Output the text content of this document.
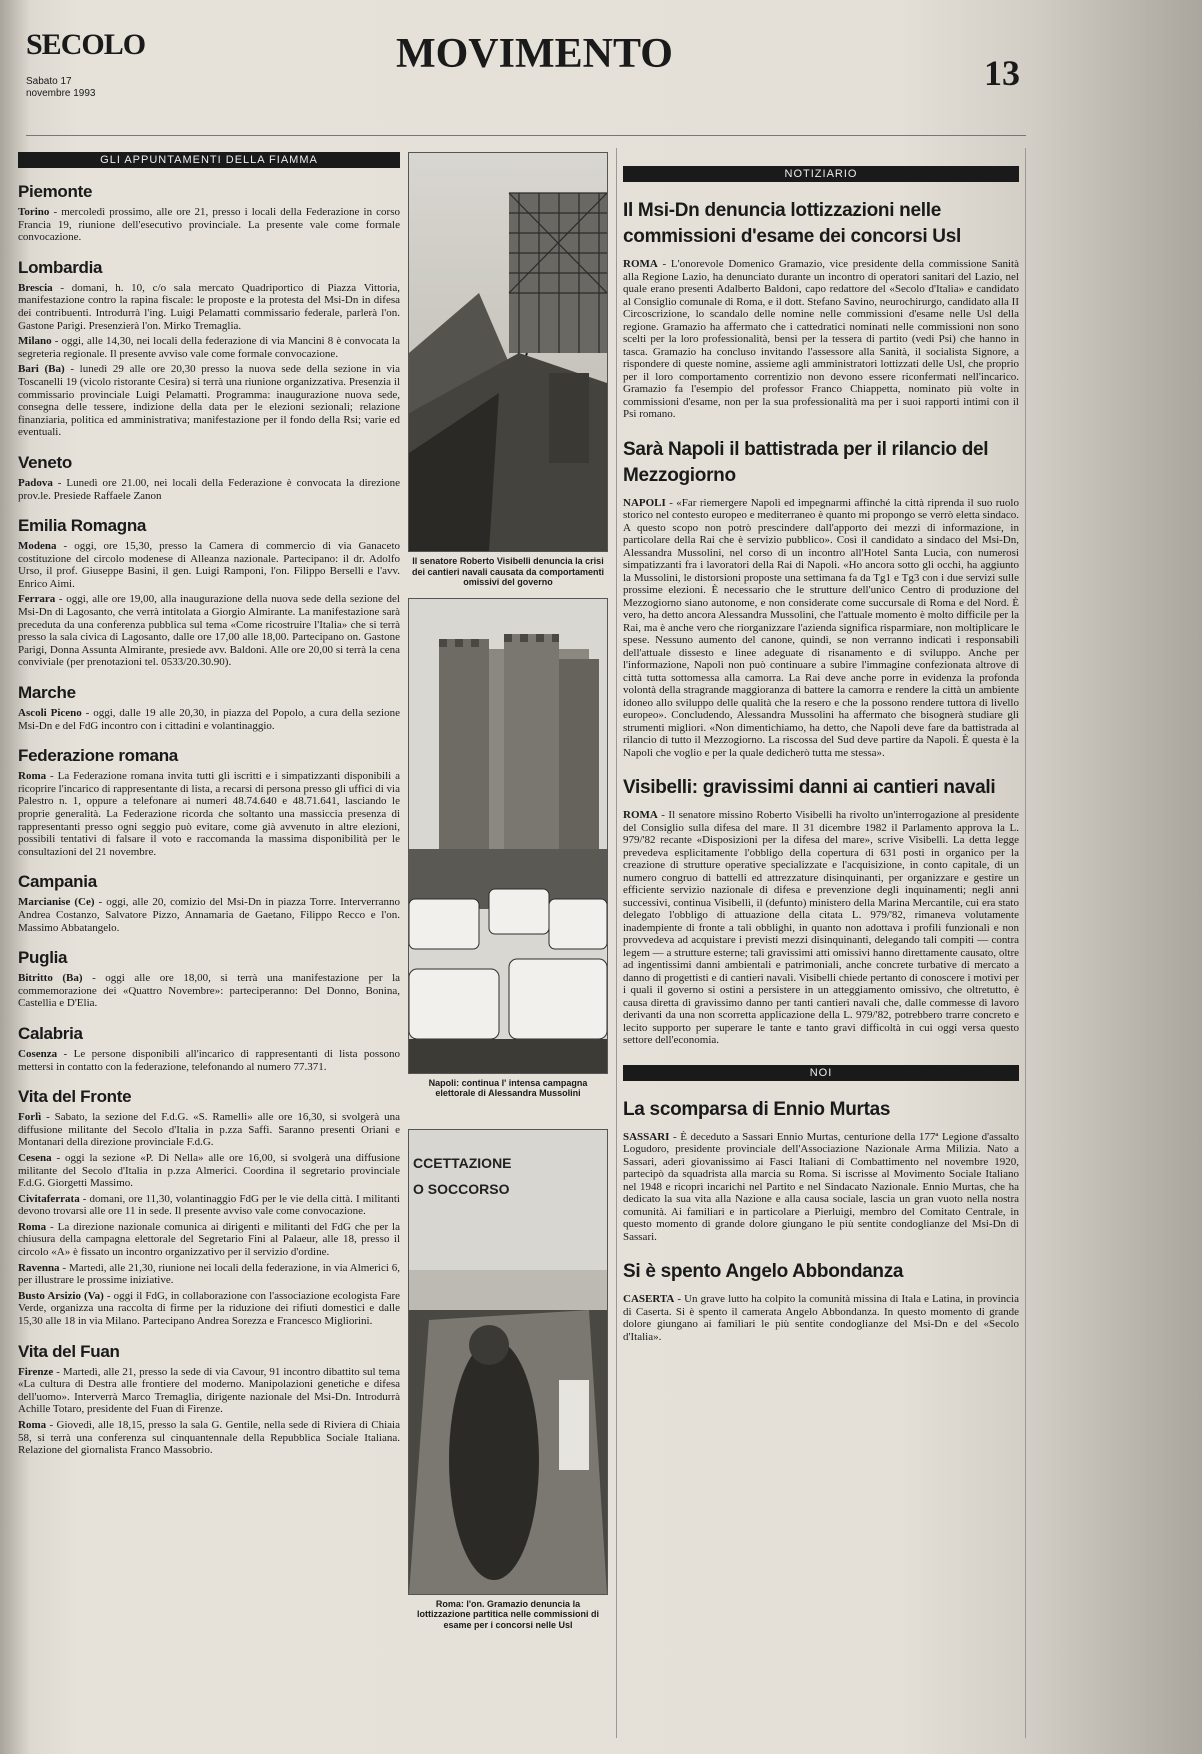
SECOLO
Sabato 17 novembre 1993
MOVIMENTO	13
GLI APPUNTAMENTI DELLA FIAMMA
Piemonte

Torino - mercoledì prossimo, alle ore 21, presso i locali della Federazione in corso Francia 19, riunione dell'esecutivo provinciale. La presente vale come formale convocazione.

Lombardia

Brescia - domani, h. 10, c/o sala mercato Quadriportico di Piazza Vittoria, manifestazione contro la rapina fiscale: le proposte e la protesta del Msi-Dn in difesa dei contribuenti. Introdurrà l'ing. Luigi Pelamatti commissario federale, parlerà l'on. Gastone Parigi. Presenzierà l'on. Mirko Tremaglia.

Milano - oggi, alle 14,30, nei locali della federazione di via Mancini 8 è convocata la segreteria regionale. Il presente avviso vale come formale convocazione.

Bari (Ba) - lunedì 29 alle ore 20,30 presso la nuova sede della sezione in via Toscanelli 19 (vicolo ristorante Cesira) si terrà una riunione organizzativa. Presenzia il commissario provinciale Luigi Pelamatti. Programma: inaugurazione nuova sede, consegna delle tessere, indizione della data per le elezioni sezionali; relazione finanziaria, politica ed amministrativa; manifestazione per il fondo della Rsi; varie ed eventuali.

Veneto

Padova - Lunedì ore 21.00, nei locali della Federazione è convocata la direzione prov.le. Presiede Raffaele Zanon

Emilia Romagna

Modena - oggi, ore 15,30, presso la Camera di commercio di via Ganaceto costituzione del circolo modenese di Alleanza nazionale. Partecipano: il dr. Adolfo Urso, il prof. Giuseppe Basini, il gen. Luigi Ramponi, l'on. Filippo Berselli e l'avv. Enrico Aimi.

Ferrara - oggi, alle ore 19,00, alla inaugurazione della nuova sede della sezione del Msi-Dn di Lagosanto, che verrà intitolata a Giorgio Almirante. La manifestazione sarà preceduta da una conferenza pubblica sul tema «Come ricostruire l'Italia» che si terrà presso la sala civica di Lagosanto, dalle ore 17,00 alle 18,00. Partecipano on. Gastone Parigi, Donna Assunta Almirante, presiede avv. Baldoni. Alle ore 20,00 si terrà la cena conviviale (per prenotazioni tel. 0533/20.30.90).

Marche

Ascoli Piceno - oggi, dalle 19 alle 20,30, in piazza del Popolo, a cura della sezione Msi-Dn e del FdG incontro con i cittadini e volantinaggio.

Federazione romana

Roma - La Federazione romana invita tutti gli iscritti e i simpatizzanti disponibili a ricoprire l'incarico di rappresentante di lista, a recarsi di persona presso gli uffici di via Palestro n. 1, oppure a telefonare ai numeri 48.74.640 e 48.71.641, lasciando le proprie generalità. La Federazione ricorda che soltanto una massiccia presenza di rappresentanti presso ogni seggio può evitare, come già avvenuto in altre elezioni, possibili tentativi di falsare il voto e raccomanda la massima disponibilità per le consultazioni del 21 novembre.

Campania

Marcianise (Ce) - oggi, alle 20, comizio del Msi-Dn in piazza Torre. Interverranno Andrea Costanzo, Salvatore Pizzo, Annamaria de Gaetano, Filippo Recco e l'on. Massimo Abbatangelo.

Puglia

Bitritto (Ba) - oggi alle ore 18,00, si terrà una manifestazione per la commemorazione dei «Quattro Novembre»: parteciperanno: Del Donno, Bonina, Castellia e D'Elia.

Calabria

Cosenza - Le persone disponibili all'incarico di rappresentanti di lista possono mettersi in contatto con la federazione, telefonando al numero 77.371.

Vita del Fronte

Forlì - Sabato, la sezione del F.d.G. «S. Ramelli» alle ore 16,30, si svolgerà una diffusione militante del Secolo d'Italia in p.zza Saffi. Saranno presenti Oriani e Montanari della direzione provinciale F.d.G.

Cesena - oggi la sezione «P. Di Nella» alle ore 16,00, si svolgerà una diffusione militante del Secolo d'Italia in p.zza Almerici. Coordina il segretario provinciale F.d.G. Giorgetti Massimo.

Civitaferrata - domani, ore 11,30, volantinaggio FdG per le vie della città. I militanti devono trovarsi alle ore 11 in sede. Il presente avviso vale come convocazione.

Roma - La direzione nazionale comunica ai dirigenti e militanti del FdG che per la chiusura della campagna elettorale del Segretario Fini al Palaeur, alle 18, presso il circolo «A» è fissato un incontro organizzativo per il servizio d'ordine.

Ravenna - Martedì, alle 21,30, riunione nei locali della federazione, in via Almerici 6, per illustrare le prossime iniziative.

Busto Arsizio (Va) - oggi il FdG, in collaborazione con l'associazione ecologista Fare Verde, organizza una raccolta di firme per la riduzione dei rifiuti domestici e dalle 15,30 alle 18 in via Milano. Partecipano Andrea Sorezza e Francesco Migliorini.

Vita del Fuan

Firenze - Martedì, alle 21, presso la sede di via Cavour, 91 incontro dibattito sul tema «La cultura di Destra alle frontiere del moderno. Manipolazioni genetiche e difesa dell'uomo». Interverrà Marco Tremaglia, dirigente nazionale del Msi-Dn. Introdurrà Achille Totaro, presidente del Fuan di Firenze.

Roma - Giovedì, alle 18,15, presso la sala G. Gentile, nella sede di Riviera di Chiaia 58, si terrà una conferenza sul cinquantennale della Repubblica Sociale Italiana. Relazione del giornalista Franco Massobrio.

Il senatore Roberto Visibelli denuncia la crisi dei cantieri navali causata da comportamenti omissivi del governo
Napoli: continua l' intensa campagna elettorale di Alessandra Mussolini
CCETTAZIONE
O SOCCORSO
Roma: l'on. Gramazio denuncia la lottizzazione partitica nelle commissioni di esame per i concorsi nelle Usl
NOTIZIARIO
Il Msi-Dn denuncia lottizzazioni nelle commissioni d'esame dei concorsi Usl

ROMA - L'onorevole Domenico Gramazio, vice presidente della commissione Sanità alla Regione Lazio, ha denunciato durante un incontro di operatori sanitari del Lazio, nel quale erano presenti Adalberto Baldoni, capo redattore del «Secolo d'Italia» e candidato al Consiglio comunale di Roma, e il dott. Stefano Savino, neurochirurgo, candidato alla II Circoscrizione, lo scandalo delle nomine nelle commissioni d'esame nelle Usl della regione. Gramazio ha affermato che i cattedratici nominati nelle commissioni non sono scelti per la loro professionalità, bensì per la tessera di partito (vedi Psi) che hanno in tasca. Gramazio ha concluso invitando l'assessore alla Sanità, il socialista Signore, a rispondere di queste nomine, assieme agli amministratori lottizzati delle Usl, che proprio per il loro comportamento correntizio non devono essere riconfermati nell'incarico. Gramazio fa l'esempio del professor Franco Chiappetta, nominato più volte in commissioni d'esame, non per la sua professionalità ma per i suoi rapporti intimi con il Psi romano.

Sarà Napoli il battistrada per il rilancio del Mezzogiorno

NAPOLI - «Far riemergere Napoli ed impegnarmi affinché la città riprenda il suo ruolo storico nel contesto europeo e mediterraneo è quanto mi propongo se verrò eletta sindaco. A questo scopo non potrò prescindere dall'apporto dei mezzi di informazione, in particolare della Rai che è servizio pubblico». Così il candidato a sindaco del Msi-Dn, Alessandra Mussolini, nel corso di un incontro all'Hotel Santa Lucia, con numerosi simpatizzanti fra i lavoratori della Rai di Napoli. «Ho ancora sotto gli occhi, ha aggiunto la Mussolini, le distorsioni proposte una settimana fa da Tg1 e Tg3 con i due servizi sulle prossime elezioni. È necessario che le strutture dell'unico Centro di produzione del Mezzogiorno siano autonome, e non considerate come succursale di Roma e del Nord. È vero, ha detto ancora Alessandra Mussolini, che l'attuale momento è molto difficile per la Rai, ma è anche vero che riorganizzare l'azienda significa risparmiare, non moltiplicare le spese. Nessuno aumento del canone, quindi, se non verranno indicati i responsabili dell'attuale dissesto e linee adeguate di risanamento e di sviluppo. Anche per l'informazione, Napoli non può continuare a subire l'immagine confezionata altrove di città tutta sottomessa alla camorra. La Rai deve anche porre in evidenza la profonda volontà della stragrande maggioranza di battere la camorra e rendere la città un ambiente idoneo allo sviluppo delle qualità che la resero e che la possono rendere tuttora di livello europeo». Concludendo, Alessandra Mussolini ha affermato che bisognerà studiare gli strumenti migliori. «Non dimentichiamo, ha detto, che Napoli deve fare da battistrada al rilancio di tutto il Mezzogiorno. La riscossa del Sud deve partire da Napoli. È questa è la Napoli che voglio e per la quale dedicherò tutta me stessa».

Visibelli: gravissimi danni ai cantieri navali

ROMA - Il senatore missino Roberto Visibelli ha rivolto un'interrogazione al presidente del Consiglio sulla difesa del mare. Il 31 dicembre 1982 il Parlamento approva la L. 979/'82 recante «Disposizioni per la difesa del mare», scrive Visibelli. La detta legge prevedeva esplicitamente l'obbligo della copertura di 631 posti in organico per la creazione di strutture operative specializzate e l'acquisizione, in conto capitale, di un numero congruo di battelli ed attrezzature disinquinanti, per organizzare e gestire un efficiente servizio nazionale di difesa e prevenzione degli inquinamenti; negli anni successivi, continua Visibelli, il (defunto) ministero della Marina Mercantile, cui era stato delegato l'obbligo di attuazione della citata L. 979/'82, rimaneva volutamente inadempiente di fronte a tali obblighi, in quanto non adottava i profili funzionali e non provvedeva ad acquistare i previsti mezzi disinquinanti, delegando tali compiti — contra legem — a strutture esterne; tali gravissimi atti omissivi hanno direttamente causato, oltre ad ingentissimi danni ambientali e patrimoniali, anche concrete turbative di mercato a danno di progettisti e di cantieri navali. Visibelli chiede pertanto di conoscere i motivi per i quali il governo si ostini a persistere in un atteggiamento omissivo, che oltretutto, è causa diretta di gravissimo danno per tanti cantieri navali che, dalle commesse di lavoro derivanti da una non scorretta applicazione della L. 979/'82, potrebbero trarre concreto e lecito supporto per superare le tante e tanto gravi difficoltà in cui oggi versa questo settore dell'economia.

NOI
La scomparsa di Ennio Murtas

SASSARI - È deceduto a Sassari Ennio Murtas, centurione della 177ª Legione d'assalto Logudoro, presidente provinciale dell'Associazione Nazionale Arma Milizia. Nato a Sassari, aderì giovanissimo ai Fasci Italiani di Combattimento nel novembre 1920, partecipò da squadrista alla marcia su Roma. Si iscrisse al Movimento Sociale Italiano nel 1948 e ricoprì incarichi nel Partito e nel Sindacato Nazionale. Ennio Murtas, che ha dedicato la sua vita alla Nazione e alla causa sociale, lascia un gran vuoto nella nostra comunità. Ai familiari e in particolare a Pierluigi, membro del Comitato Centrale, in questo momento di grande dolore giungano le più sentite condoglianze del Msi-Dn di Sassari.

Si è spento Angelo Abbondanza

CASERTA - Un grave lutto ha colpito la comunità missina di Itala e Latina, in provincia di Caserta. Si è spento il camerata Angelo Abbondanza. In questo momento di grande dolore giungano ai familiari le più sentite condoglianze del Msi-Dn e del «Secolo d'Italia».
